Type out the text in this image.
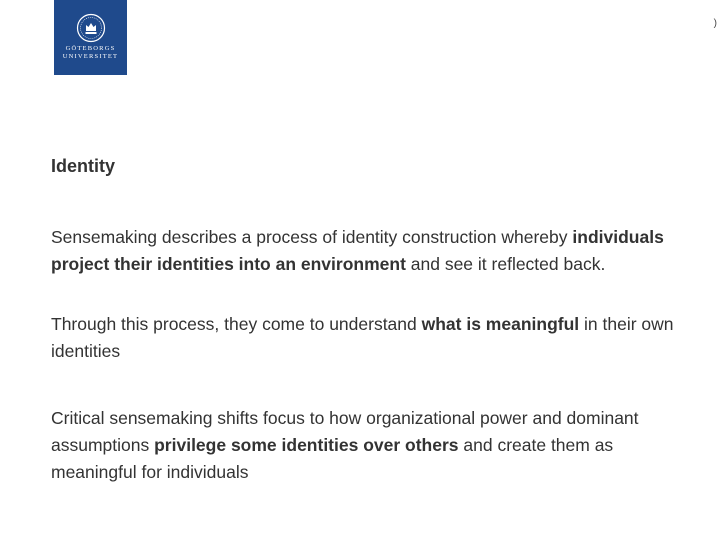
GÖTEBORGS
UNIVERSITET
)
Identity

Sensemaking describes a process of identity construction whereby individuals project their identities into an environment and see it reflected back.

Through this process, they come to understand what is meaningful in their own identities

Critical sensemaking shifts focus to how organizational power and dominant assumptions privilege some identities over others and create them as meaningful for individuals
